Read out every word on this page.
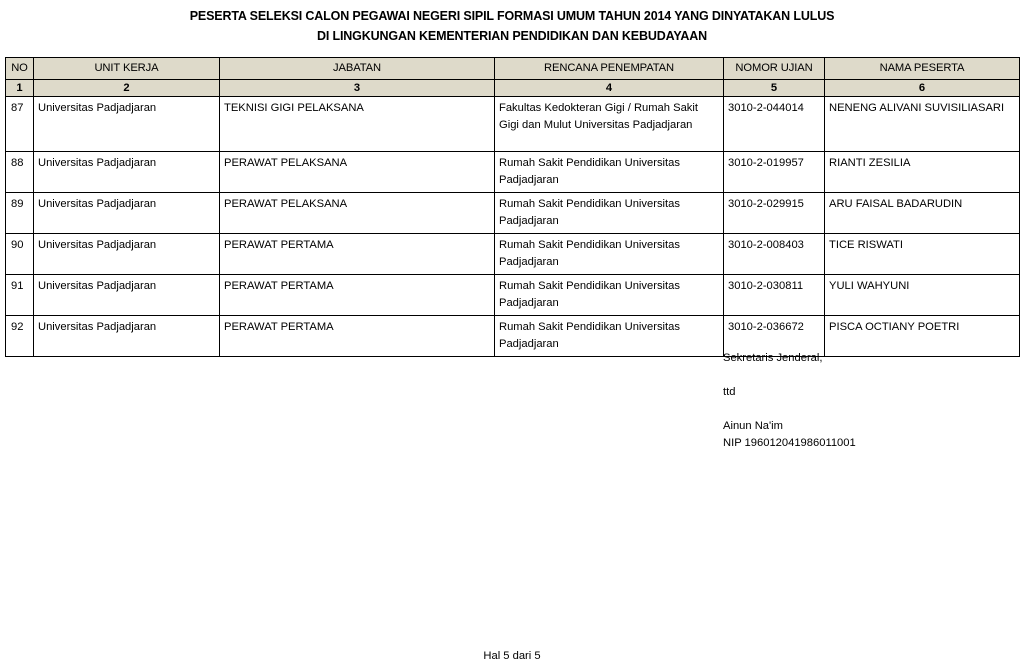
PESERTA SELEKSI CALON PEGAWAI NEGERI SIPIL FORMASI UMUM TAHUN 2014 YANG DINYATAKAN LULUS
DI LINGKUNGAN KEMENTERIAN PENDIDIKAN DAN KEBUDAYAAN
NO	UNIT KERJA	JABATAN	RENCANA PENEMPATAN	NOMOR UJIAN	NAMA PESERTA
1	2	3	4	5	6
87	Universitas Padjadjaran	TEKNISI GIGI PELAKSANA	Fakultas Kedokteran Gigi / Rumah Sakit Gigi dan Mulut Universitas Padjadjaran	3010-2-044014	NENENG ALIVANI SUVISILIASARI
88	Universitas Padjadjaran	PERAWAT PELAKSANA	Rumah Sakit Pendidikan Universitas Padjadjaran	3010-2-019957	RIANTI ZESILIA
89	Universitas Padjadjaran	PERAWAT PELAKSANA	Rumah Sakit Pendidikan Universitas Padjadjaran	3010-2-029915	ARU FAISAL BADARUDIN
90	Universitas Padjadjaran	PERAWAT PERTAMA	Rumah Sakit Pendidikan Universitas Padjadjaran	3010-2-008403	TICE RISWATI
91	Universitas Padjadjaran	PERAWAT PERTAMA	Rumah Sakit Pendidikan Universitas Padjadjaran	3010-2-030811	YULI WAHYUNI
92	Universitas Padjadjaran	PERAWAT PERTAMA	Rumah Sakit Pendidikan Universitas Padjadjaran	3010-2-036672	PISCA OCTIANY POETRI
Sekretaris Jenderal,
ttd
Ainun Na'im
NIP 196012041986011001
Hal 5 dari 5
